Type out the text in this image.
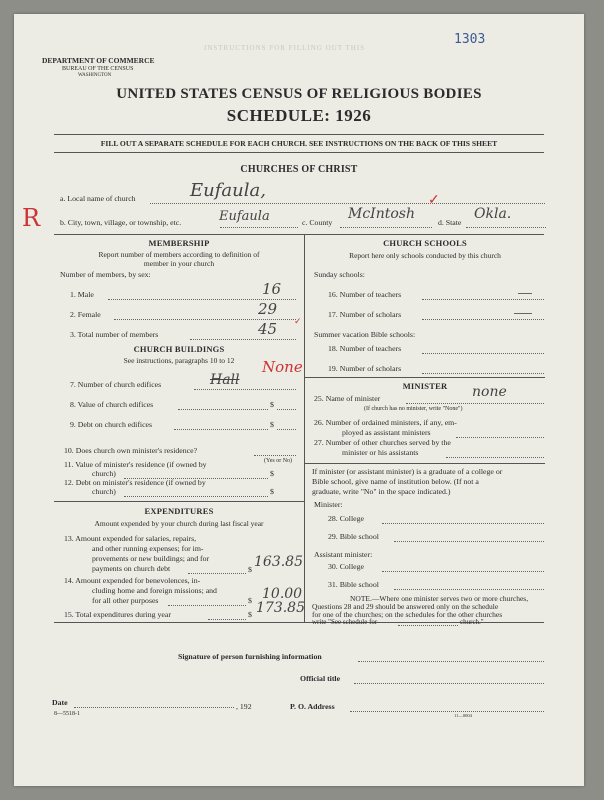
1303
INSTRUCTIONS FOR FILLING OUT THIS
DEPARTMENT OF COMMERCE
BUREAU OF THE CENSUS
WASHINGTON
UNITED STATES CENSUS OF RELIGIOUS BODIES
SCHEDULE: 1926
FILL OUT A SEPARATE SCHEDULE FOR EACH CHURCH. SEE INSTRUCTIONS ON THE BACK OF THIS SHEET
CHURCHES OF CHRIST
a. Local name of church	Eufaula,
R	b. City, town, village, or township, etc.	Eufaula	c. County
McIntosh
✓
d. State
Okla.
MEMBERSHIP
Report number of members according to definition of
member in your church
Number of members, by sex:
1. Male	16
2. Female	29
3. Total number of members	45 ✓
CHURCH BUILDINGS
See instructions, paragraphs 10 to 12
7. Number of church edifices	Hall
None
8. Value of church edifices	$
9. Debt on church edifices	$
10. Does church own minister's residence?
(Yes or No)
11. Value of minister's residence (if owned by
church)	$
12. Debt on minister's residence (if owned by
church)	$
EXPENDITURES
Amount expended by your church during last fiscal year
13. Amount expended for salaries, repairs,
and other running expenses; for im-
provements or new buildings; and for
payments on church debt	$ 163.85
14. Amount expended for benevolences, in-
cluding home and foreign missions; and
for all other purposes	$ 10.00
15. Total expenditures during year	$ 173.85
CHURCH SCHOOLS
Report here only schools conducted by this church
Sunday schools:
16. Number of teachers
17. Number of scholars
Summer vacation Bible schools:
18. Number of teachers
19. Number of scholars
MINISTER
25. Name of minister	none
(If church has no minister, write "None")
26. Number of ordained ministers, if any, em-
ployed as assistant ministers
27. Number of other churches served by the
minister or his assistants
If minister (or assistant minister) is a graduate of a college or
Bible school, give name of institution below. (If not a
graduate, write "No" in the space indicated.)
Minister:
28. College
29. Bible school
Assistant minister:
30. College
31. Bible school
NOTE.—Where one minister serves two or more churches,
Questions 28 and 29 should be answered only on the schedule
for one of the churches; on the schedules for the other churches
write "See schedule for	church."
Signature of person furnishing information
Official title
Date	, 192	P. O. Address
8—5518-1	11—0004
